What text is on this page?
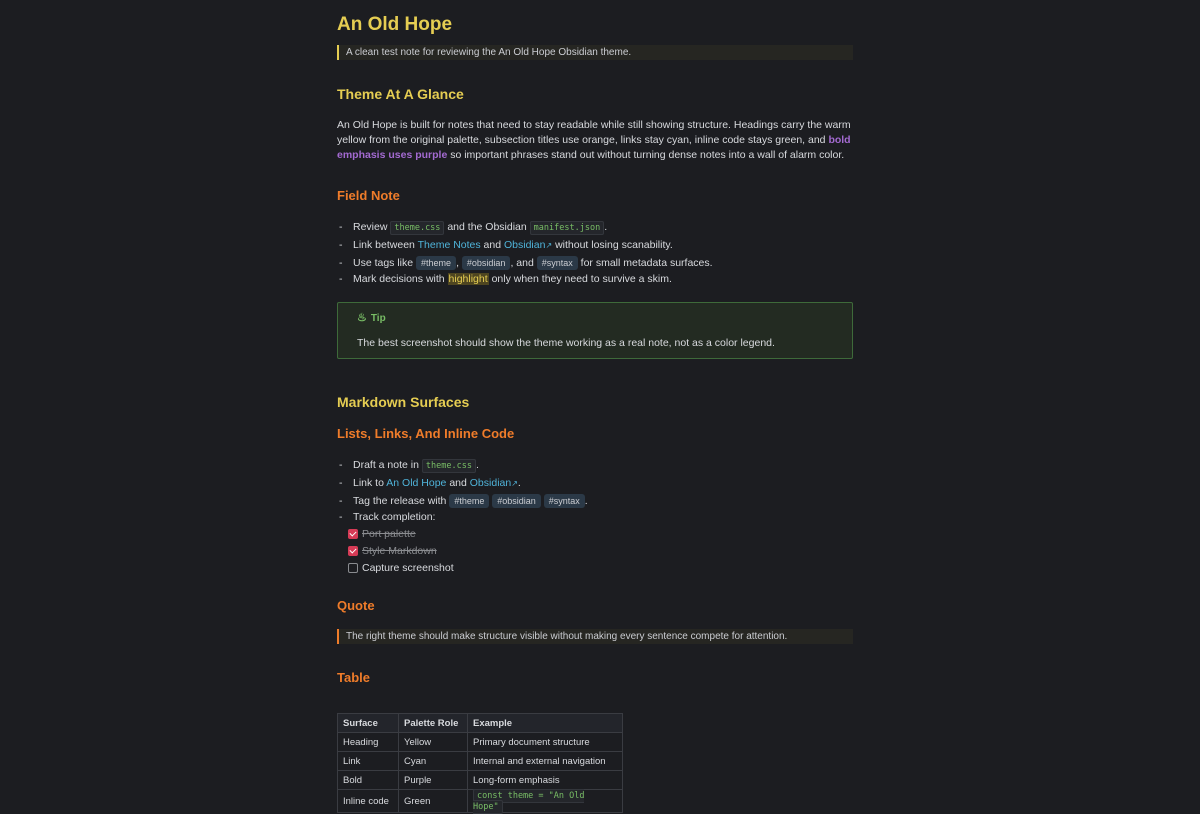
An Old Hope
A clean test note for reviewing the An Old Hope Obsidian theme.
Theme At A Glance

An Old Hope is built for notes that need to stay readable while still showing structure. Headings carry the warm yellow from the original palette, subsection titles use orange, links stay cyan, inline code stays green, and bold emphasis uses purple so important phrases stand out without turning dense notes into a wall of alarm color.

Field Note
- Review theme.css and the Obsidian manifest.json .
- Link between Theme Notes and Obsidian↗ without losing scanability.
- Use tags like #theme , #obsidian , and #syntax for small metadata surfaces.
- Mark decisions with highlight only when they need to survive a skim.
♨ Tip
The best screenshot should show the theme working as a real note, not as a color legend.
Markdown Surfaces
Lists, Links, And Inline Code
- Draft a note in theme.css .
- Link to An Old Hope and Obsidian↗.
- Tag the release with #theme #obsidian #syntax .
- Track completion:
Port palette
Style Markdown
Capture screenshot
Quote
The right theme should make structure visible without making every sentence compete for attention.
Table
Surface	Palette Role	Example
Heading	Yellow	Primary document structure
Link	Cyan	Internal and external navigation
Bold	Purple	Long-form emphasis
Inline code	Green	const theme = "An Old Hope"
